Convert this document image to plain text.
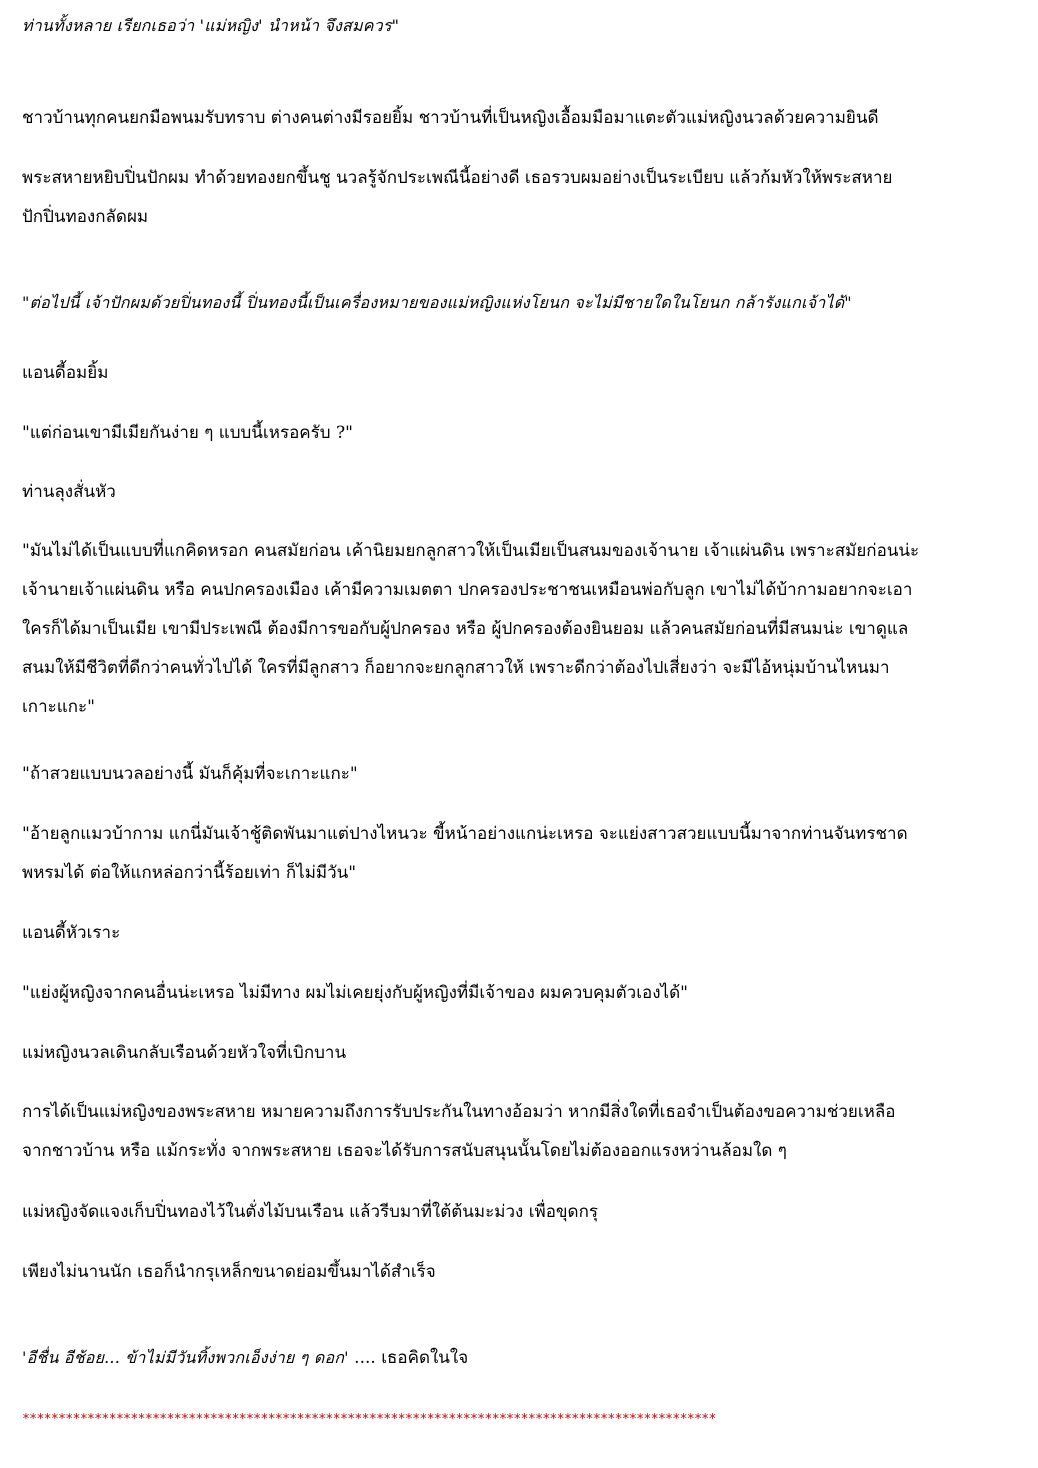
ท่านทั้งหลาย เรียกเธอว่า 'แม่หญิง' นำหน้า จึงสมควร"

ชาวบ้านทุกคนยกมือพนมรับทราบ ต่างคนต่างมีรอยยิ้ม ชาวบ้านที่เป็นหญิงเอื้อมมือมาแตะตัวแม่หญิงนวลด้วยความยินดี

พระสหายหยิบปิ่นปักผม ทำด้วยทองยกขึ้นชู นวลรู้จักประเพณีนี้อย่างดี เธอรวบผมอย่างเป็นระเบียบ แล้วก้มหัวให้พระสหาย
ปักปิ่นทองกลัดผม

"ต่อไปนี้ เจ้าปักผมด้วยปิ่นทองนี้ ปิ่นทองนี้เป็นเครื่องหมายของแม่หญิงแห่งโยนก จะไม่มีชายใดในโยนก กล้ารังแกเจ้าได้"

แอนดี้อมยิ้ม

"แต่ก่อนเขามีเมียกันง่าย ๆ แบบนี้เหรอครับ ?"

ท่านลุงสั่นหัว

"มันไม่ได้เป็นแบบที่แกคิดหรอก คนสมัยก่อน เค้านิยมยกลูกสาวให้เป็นเมียเป็นสนมของเจ้านาย เจ้าแผ่นดิน เพราะสมัยก่อนน่ะ
เจ้านายเจ้าแผ่นดิน หรือ คนปกครองเมือง เค้ามีความเมตตา ปกครองประชาชนเหมือนพ่อกับลูก เขาไม่ได้บ้ากามอยากจะเอา
ใครก็ได้มาเป็นเมีย เขามีประเพณี ต้องมีการขอกับผู้ปกครอง หรือ ผู้ปกครองต้องยินยอม แล้วคนสมัยก่อนที่มีสนมน่ะ เขาดูแล
สนมให้มีชีวิตที่ดีกว่าคนทั่วไปได้ ใครที่มีลูกสาว ก็อยากจะยกลูกสาวให้ เพราะดีกว่าต้องไปเสี่ยงว่า จะมีไอ้หนุ่มบ้านไหนมา
เกาะแกะ"

"ถ้าสวยแบบนวลอย่างนี้ มันก็คุ้มที่จะเกาะแกะ"

"อ้ายลูกแมวบ้ากาม แกนี่มันเจ้าชู้ติดพันมาแต่ปางไหนวะ ขี้หน้าอย่างแกน่ะเหรอ จะแย่งสาวสวยแบบนี้มาจากท่านจันทรชาด
พหรมได้ ต่อให้แกหล่อกว่านี้ร้อยเท่า ก็ไม่มีวัน"

แอนดี้หัวเราะ

"แย่งผู้หญิงจากคนอื่นน่ะเหรอ ไม่มีทาง ผมไม่เคยยุ่งกับผู้หญิงที่มีเจ้าของ ผมควบคุมตัวเองได้"

แม่หญิงนวลเดินกลับเรือนด้วยหัวใจที่เบิกบาน

การได้เป็นแม่หญิงของพระสหาย หมายความถึงการรับประกันในทางอ้อมว่า หากมีสิ่งใดที่เธอจำเป็นต้องขอความช่วยเหลือ
จากชาวบ้าน หรือ แม้กระทั่ง จากพระสหาย เธอจะได้รับการสนับสนุนนั้นโดยไม่ต้องออกแรงหว่านล้อมใด ๆ

แม่หญิงจัดแจงเก็บปิ่นทองไว้ในตั่งไม้บนเรือน แล้วรีบมาที่ใต้ต้นมะม่วง เพื่อขุดกรุ

เพียงไม่นานนัก เธอก็นำกรุเหล็กขนาดย่อมขึ้นมาได้สำเร็จ

'อีชื่น อีช้อย... ข้าไม่มีวันทิ้งพวกเอ็งง่าย ๆ ดอก' .... เธอคิดในใจ

************************************************************************************************
